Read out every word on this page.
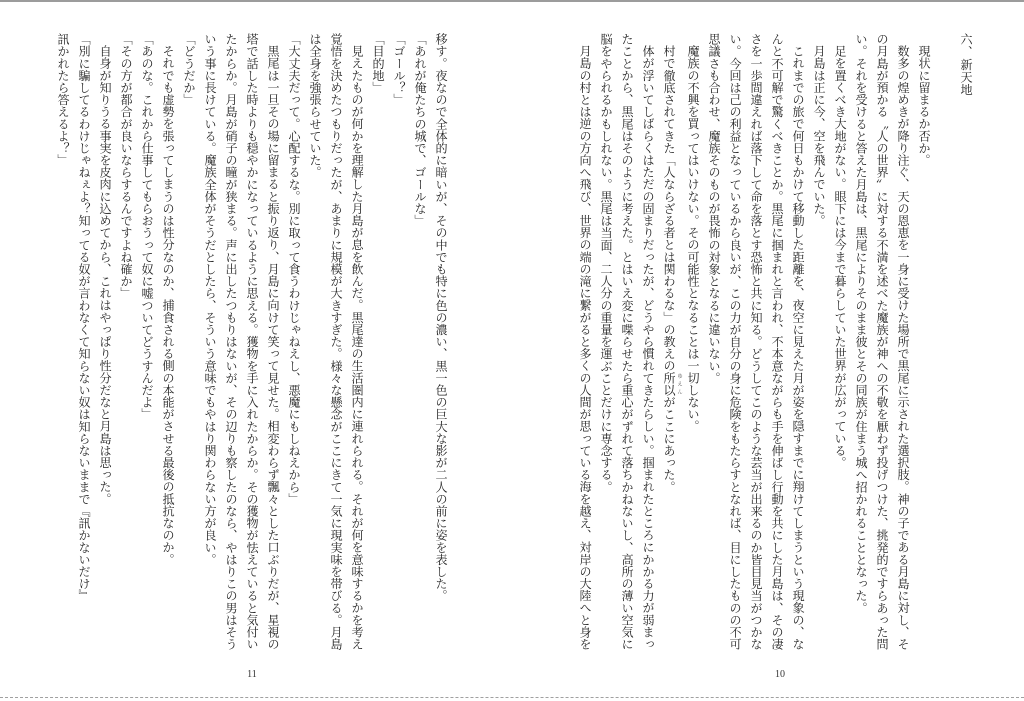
六、新天地

現状に留まるか否か。

数多の煌めきが降り注ぐ、天の恩恵を一身に受けた場所で黒尾に示された選択肢。神の子である月島に対し、そ

の月島が預かる〝人の世界〟に対する不満を述べた魔族が神への不敬を厭わず投げつけた、挑発的ですらあった問

い。それを受けると答えた月島は、黒尾によりそのまま彼とその同族が住まう城へ招かれることとなった。

足を置くべき大地がない。眼下には今まで暮らしていた世界が広がっている。

月島は正に今、空を飛んでいた。

これまでの旅で何日もかけて移動した距離を、夜空に見えた月が姿を隠すまでに翔けてしまうという現象の、な

んと不可解で驚くべきことか。黒尾に掴まれと言われ、不本意ながらも手を伸ばし行動を共にした月島は、その凄

さを一歩間違えれば落下して命を落とす恐怖と共に知る。どうしてこのような芸当が出来るのか皆目見当がつかな

い。今回は己の利益となっているから良いが、この力が自分の身に危険をもたらすとなれば、目にしたものの不可

思議さも合わせ、魔族そのものが畏怖の対象となるに違いない。

魔族の不興を買ってはいけない。その可能性となることは一切しない。

村で徹底されてきた「人ならざる者とは関わるな」の教えの所以 ゆえんがここにあった。

体が浮いてしばらくはただの固まりだったが、どうやら慣れてきたらしい。掴まれたところにかかる力が弱まっ

たことから、黒尾はそのように考えた。とはいえ変に喋らせたら重心がずれて落ちかねないし、高所の薄い空気に

脳をやられるかもしれない。黒尾は当面、二人分の重量を運ぶことだけに専念する。

月島の村とは逆の方向へ飛び、世界の端の滝に繋がると多くの人間が思っている海を越え、対岸の大陸へと身を

10

移す。夜なので全体的に暗いが、その中でも特に色の濃い、黒一色の巨大な影が二人の前に姿を表した。

「あれが俺たちの城で、ゴールな」

「ゴール？」

「目的地」

見えたものが何かを理解した月島が息を飲んだ。黒尾達の生活圏内に連れられる。それが何を意味するかを考え

覚悟を決めたつもりだったが、あまりに規模が大きすぎた。様々な懸念がここにきて一気に現実味を帯びる。月島

は全身を強張らせていた。

「大丈夫だって。心配するな。別に取って食うわけじゃねえし、悪魔にもしねえから」

黒尾は一旦その場に留まると振り返り、月島に向けて笑って見せた。相変わらず飄々とした口ぶりだが、星視の

塔で話した時よりも穏やかになっているように思える。獲物を手に入れたからか。その獲物が怯えていると気付い

たからか。月島が硝子の瞳が狭まる。声に出したつもりはないが、その辺りも察したのなら、やはりこの男はそう

いう事に長けている。魔族全体がそうだとしたら、そういう意味でもやはり関わらない方が良い。

「どうだか」

それでも虚勢を張ってしまうのは性分なのか、捕食される側の本能がさせる最後の抵抗なのか。

「あのな。これから仕事してもらおうって奴に嘘ついてどうすんだよ」

「その方が都合が良いならするんですよね確か」

自身が知りうる事実を皮肉に込めてから、これはやっぱり性分だなと月島は思った。

「別に騙してるわけじゃねぇよ？知ってる奴が言わなくて知らない奴は知らないままで『訊かないだけ』

訊かれたら答えるよ？」

11
